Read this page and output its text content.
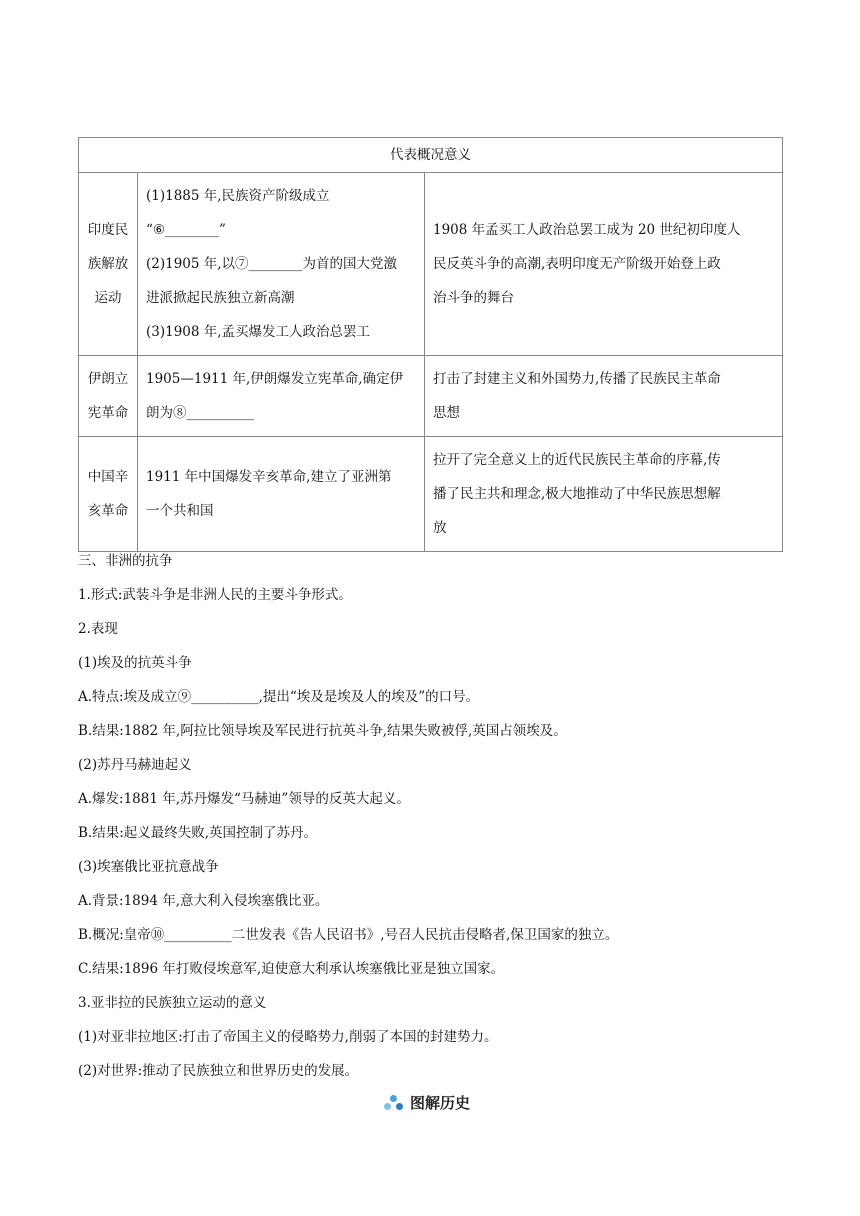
代表概况意义		

印度民
族解放
运动	(1)1885 年,民族资产阶级成立
“⑥________”
(2)1905 年,以⑦________为首的国大党激
进派掀起民族独立新高潮
(3)1908 年,孟买爆发工人政治总罢工	1908 年孟买工人政治总罢工成为 20 世纪初印度人
民反英斗争的高潮,表明印度无产阶级开始登上政
治斗争的舞台

伊朗立
宪革命	1905—1911 年,伊朗爆发立宪革命,确定伊
朗为⑧__________	打击了封建主义和外国势力,传播了民族民主革命
思想

中国辛
亥革命	1911 年中国爆发辛亥革命,建立了亚洲第
一个共和国	拉开了完全意义上的近代民族民主革命的序幕,传
播了民主共和理念,极大地推动了中华民族思想解
放

三、非洲的抗争

1.形式:武装斗争是非洲人民的主要斗争形式。

2.表现

(1)埃及的抗英斗争

A.特点:埃及成立⑨__________,提出“埃及是埃及人的埃及”的口号。

B.结果:1882 年,阿拉比领导埃及军民进行抗英斗争,结果失败被俘,英国占领埃及。

(2)苏丹马赫迪起义

A.爆发:1881 年,苏丹爆发“马赫迪”领导的反英大起义。

B.结果:起义最终失败,英国控制了苏丹。

(3)埃塞俄比亚抗意战争

A.背景:1894 年,意大利入侵埃塞俄比亚。

B.概况:皇帝⑩__________二世发表《告人民诏书》,号召人民抗击侵略者,保卫国家的独立。

C.结果:1896 年打败侵埃意军,迫使意大利承认埃塞俄比亚是独立国家。

3.亚非拉的民族独立运动的意义

(1)对亚非拉地区:打击了帝国主义的侵略势力,削弱了本国的封建势力。

(2)对世界:推动了民族独立和世界历史的发展。

图解历史
